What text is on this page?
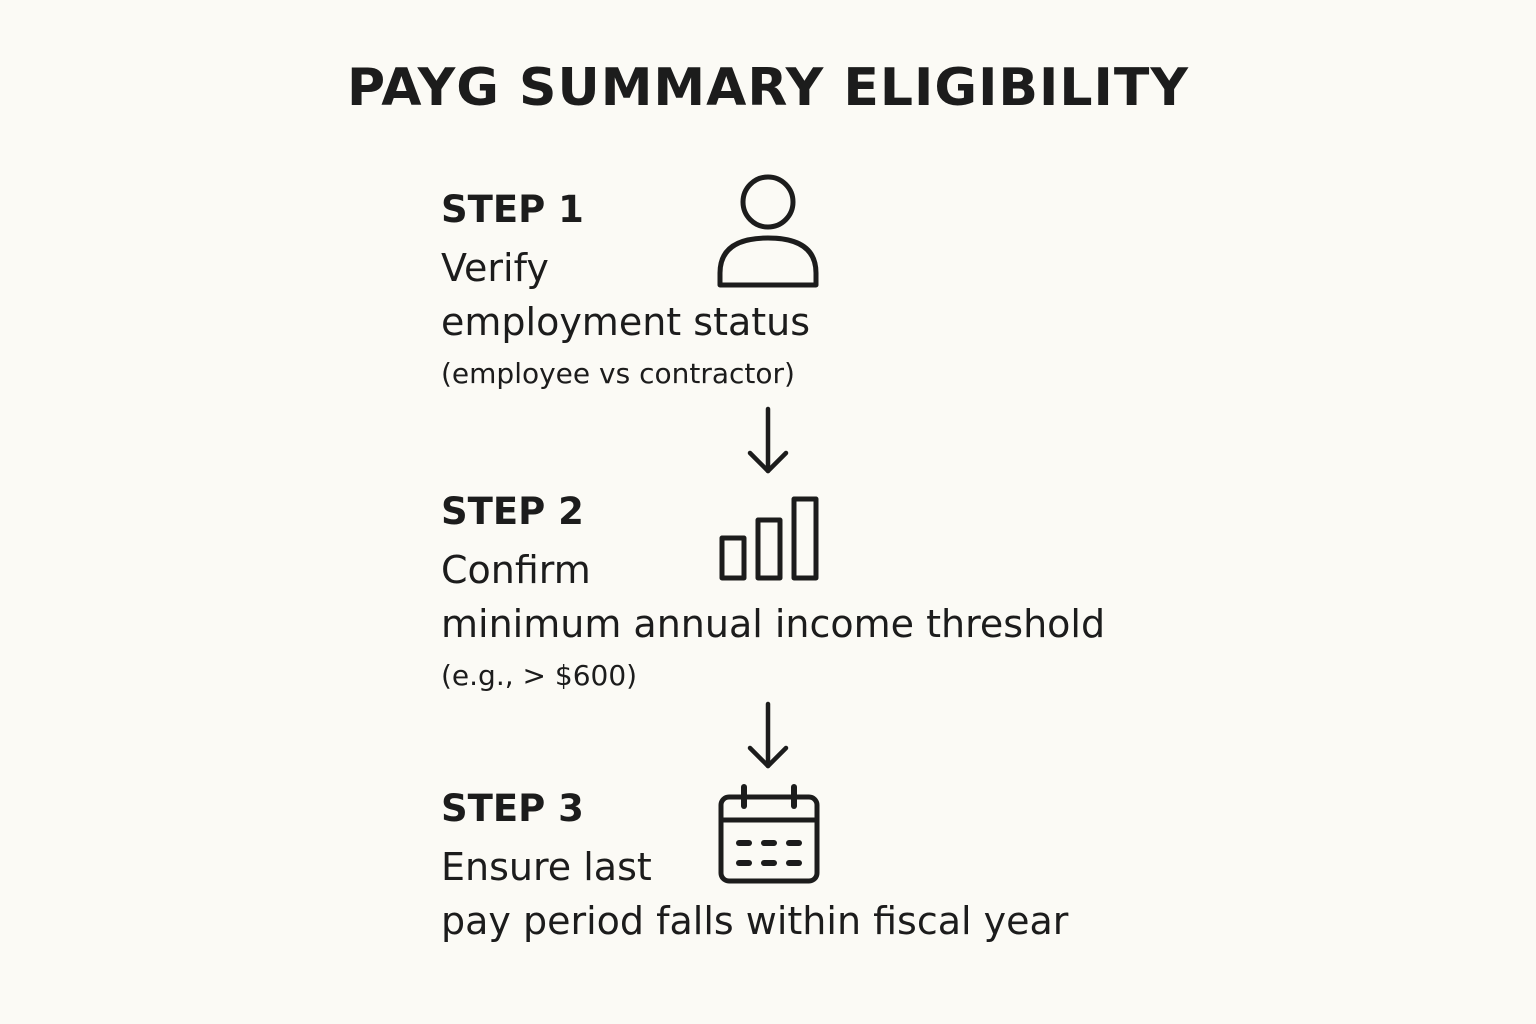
PAYG SUMMARY ELIGIBILITY
STEP 1
Verify
employment status
(employee vs contractor)
STEP 2
Confirm
minimum annual income threshold
(e.g., > $600)
STEP 3
Ensure last
pay period falls within fiscal year
